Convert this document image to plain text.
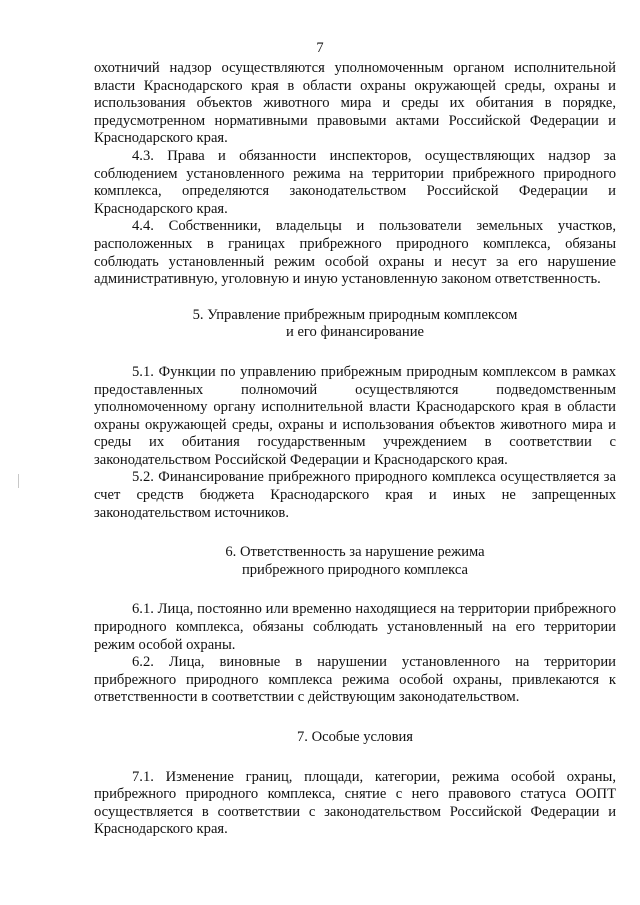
7

охотничий надзор осуществляются уполномоченным органом исполнительной власти Краснодарского края в области охраны окружающей среды, охраны и использования объектов животного мира и среды их обитания в порядке, предусмотренном нормативными правовыми актами Российской Федерации и Краснодарского края.

4.3. Права и обязанности инспекторов, осуществляющих надзор за соблюдением установленного режима на территории прибрежного природного комплекса, определяются законодательством Российской Федерации и Краснодарского края.

4.4. Собственники, владельцы и пользователи земельных участков, расположенных в границах прибрежного природного комплекса, обязаны соблюдать установленный режим особой охраны и несут за его нарушение административную, уголовную и иную установленную законом ответственность.

5. Управление прибрежным природным комплексом
и его финансирование

5.1. Функции по управлению прибрежным природным комплексом в рамках предоставленных полномочий осуществляются подведомственным уполномоченному органу исполнительной власти Краснодарского края в области охраны окружающей среды, охраны и использования объектов животного мира и среды их обитания государственным учреждением в соответствии с законодательством Российской Федерации и Краснодарского края.

5.2. Финансирование прибрежного природного комплекса осуществляется за счет средств бюджета Краснодарского края и иных не запрещенных законодательством источников.

6. Ответственность за нарушение режима
прибрежного природного комплекса

6.1. Лица, постоянно или временно находящиеся на территории прибрежного природного комплекса, обязаны соблюдать установленный на его территории режим особой охраны.

6.2. Лица, виновные в нарушении установленного на территории прибрежного природного комплекса режима особой охраны, привлекаются к ответственности в соответствии с действующим законодательством.

7. Особые условия

7.1. Изменение границ, площади, категории, режима особой охраны, прибрежного природного комплекса, снятие с него правового статуса ООПТ осуществляется в соответствии с законодательством Российской Федерации и Краснодарского края.
